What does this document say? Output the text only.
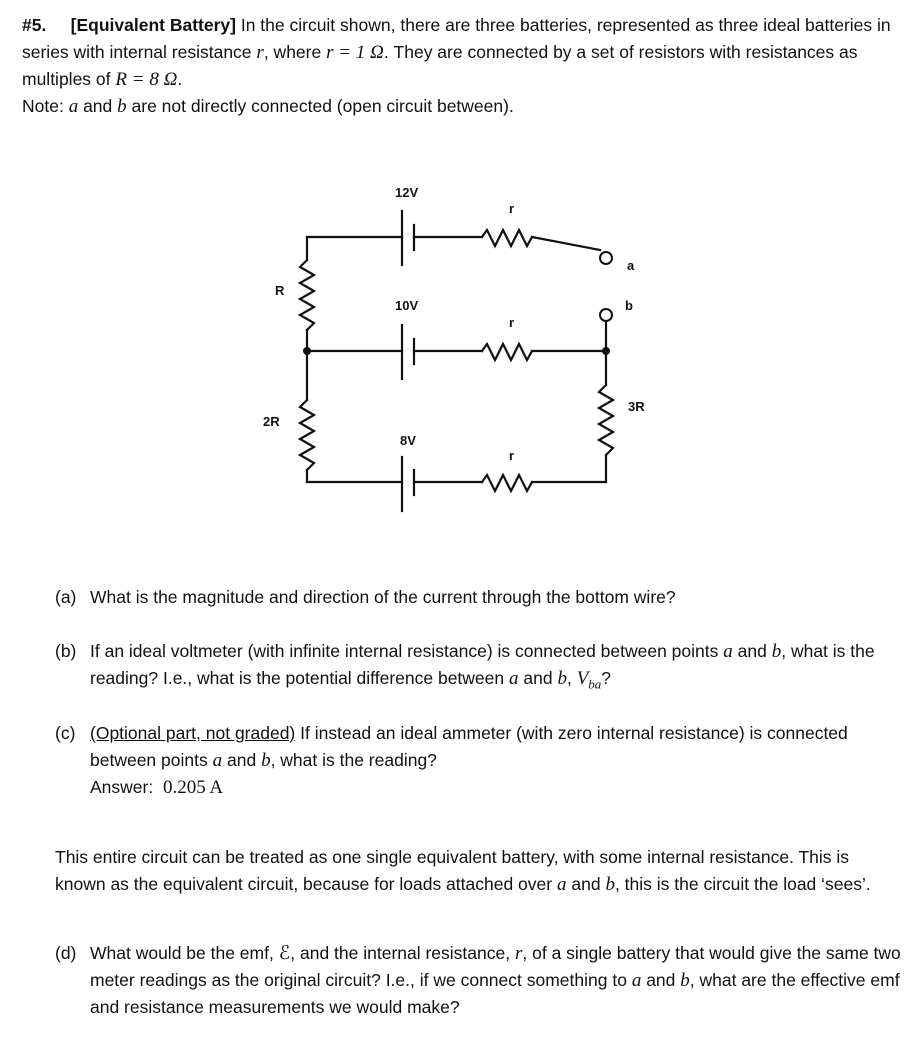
#5. [Equivalent Battery] In the circuit shown, there are three batteries, represented as three ideal batteries in series with internal resistance r, where r = 1 Ω. They are connected by a set of resistors with resistances as multiples of R = 8 Ω.
Note: a and b are not directly connected (open circuit between).
12V
r
a
R
10V	b
r
3R
2R
8V
r
(a) What is the magnitude and direction of the current through the bottom wire?
(b) If an ideal voltmeter (with infinite internal resistance) is connected between points a and b, what is the reading? I.e., what is the potential difference between a and b, $V_{ba}$?
(c) (Optional part, not graded) If instead an ideal ammeter (with zero internal resistance) is connected between points a and b, what is the reading?
Answer: 0.205 A
This entire circuit can be treated as one single equivalent battery, with some internal resistance. This is known as the equivalent circuit, because for loads attached over a and b, this is the circuit the load ‘sees’.
(d) What would be the emf, ℰ, and the internal resistance, r, of a single battery that would give the same two meter readings as the original circuit? I.e., if we connect something to a and b, what are the effective emf and resistance measurements we would make?
